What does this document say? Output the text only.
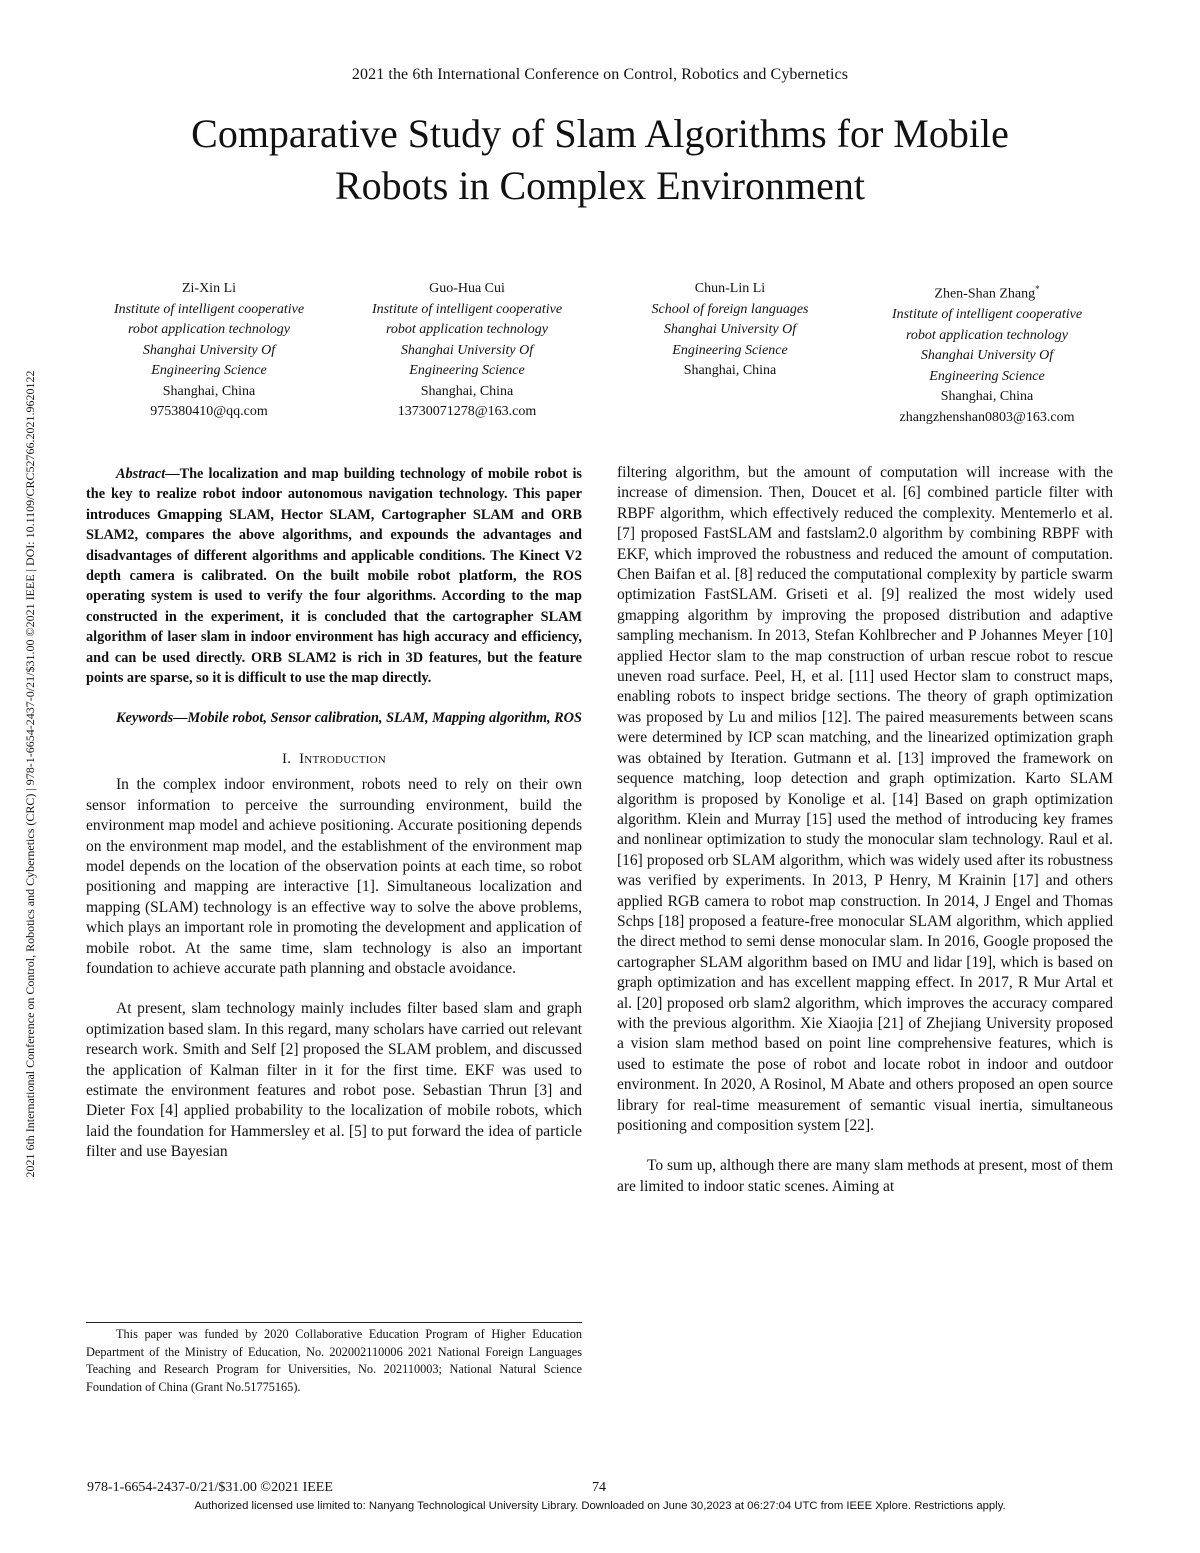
2021 the 6th International Conference on Control, Robotics and Cybernetics
Comparative Study of Slam Algorithms for Mobile
Robots in Complex Environment
2021 6th International Conference on Control, Robotics and Cybernetics (CRC) | 978-1-6654-2437-0/21/$31.00 ©2021 IEEE | DOI: 10.1109/CRC52766.2021.9620122
Zi-Xin Li
Institute of intelligent cooperative
robot application technology
Shanghai University Of
Engineering Science
Shanghai, China
975380410@qq.com
Guo-Hua Cui
Institute of intelligent cooperative
robot application technology
Shanghai University Of
Engineering Science
Shanghai, China
13730071278@163.com
Chun-Lin Li
School of foreign languages
Shanghai University Of
Engineering Science
Shanghai, China
Zhen-Shan Zhang*
Institute of intelligent cooperative
robot application technology
Shanghai University Of
Engineering Science
Shanghai, China
zhangzhenshan0803@163.com

Abstract—The localization and map building technology of mobile robot is the key to realize robot indoor autonomous navigation technology. This paper introduces Gmapping SLAM, Hector SLAM, Cartographer SLAM and ORB SLAM2, compares the above algorithms, and expounds the advantages and disadvantages of different algorithms and applicable conditions. The Kinect V2 depth camera is calibrated. On the built mobile robot platform, the ROS operating system is used to verify the four algorithms. According to the map constructed in the experiment, it is concluded that the cartographer SLAM algorithm of laser slam in indoor environment has high accuracy and efficiency, and can be used directly. ORB SLAM2 is rich in 3D features, but the feature points are sparse, so it is difficult to use the map directly.

Keywords—Mobile robot, Sensor calibration, SLAM, Mapping algorithm, ROS

I. Introduction

In the complex indoor environment, robots need to rely on their own sensor information to perceive the surrounding environment, build the environment map model and achieve positioning. Accurate positioning depends on the environment map model, and the establishment of the environment map model depends on the location of the observation points at each time, so robot positioning and mapping are interactive [1]. Simultaneous localization and mapping (SLAM) technology is an effective way to solve the above problems, which plays an important role in promoting the development and application of mobile robot. At the same time, slam technology is also an important foundation to achieve accurate path planning and obstacle avoidance.

At present, slam technology mainly includes filter based slam and graph optimization based slam. In this regard, many scholars have carried out relevant research work. Smith and Self [2] proposed the SLAM problem, and discussed the application of Kalman filter in it for the first time. EKF was used to estimate the environment features and robot pose. Sebastian Thrun [3] and Dieter Fox [4] applied probability to the localization of mobile robots, which laid the foundation for Hammersley et al. [5] to put forward the idea of particle filter and use Bayesian

This paper was funded by 2020 Collaborative Education Program of Higher Education Department of the Ministry of Education, No. 202002110006 2021 National Foreign Languages Teaching and Research Program for Universities, No. 202110003; National Natural Science Foundation of China (Grant No.51775165).

filtering algorithm, but the amount of computation will increase with the increase of dimension. Then, Doucet et al. [6] combined particle filter with RBPF algorithm, which effectively reduced the complexity. Mentemerlo et al. [7] proposed FastSLAM and fastslam2.0 algorithm by combining RBPF with EKF, which improved the robustness and reduced the amount of computation. Chen Baifan et al. [8] reduced the computational complexity by particle swarm optimization FastSLAM. Griseti et al. [9] realized the most widely used gmapping algorithm by improving the proposed distribution and adaptive sampling mechanism. In 2013, Stefan Kohlbrecher and P Johannes Meyer [10] applied Hector slam to the map construction of urban rescue robot to rescue uneven road surface. Peel, H, et al. [11] used Hector slam to construct maps, enabling robots to inspect bridge sections. The theory of graph optimization was proposed by Lu and milios [12]. The paired measurements between scans were determined by ICP scan matching, and the linearized optimization graph was obtained by Iteration. Gutmann et al. [13] improved the framework on sequence matching, loop detection and graph optimization. Karto SLAM algorithm is proposed by Konolige et al. [14] Based on graph optimization algorithm. Klein and Murray [15] used the method of introducing key frames and nonlinear optimization to study the monocular slam technology. Raul et al. [16] proposed orb SLAM algorithm, which was widely used after its robustness was verified by experiments. In 2013, P Henry, M Krainin [17] and others applied RGB camera to robot map construction. In 2014, J Engel and Thomas Schps [18] proposed a feature-free monocular SLAM algorithm, which applied the direct method to semi dense monocular slam. In 2016, Google proposed the cartographer SLAM algorithm based on IMU and lidar [19], which is based on graph optimization and has excellent mapping effect. In 2017, R Mur Artal et al. [20] proposed orb slam2 algorithm, which improves the accuracy compared with the previous algorithm. Xie Xiaojia [21] of Zhejiang University proposed a vision slam method based on point line comprehensive features, which is used to estimate the pose of robot and locate robot in indoor and outdoor environment. In 2020, A Rosinol, M Abate and others proposed an open source library for real-time measurement of semantic visual inertia, simultaneous positioning and composition system [22].

To sum up, although there are many slam methods at present, most of them are limited to indoor static scenes. Aiming at

978-1-6654-2437-0/21/$31.00 ©2021 IEEE	74
Authorized licensed use limited to: Nanyang Technological University Library. Downloaded on June 30,2023 at 06:27:04 UTC from IEEE Xplore. Restrictions apply.
